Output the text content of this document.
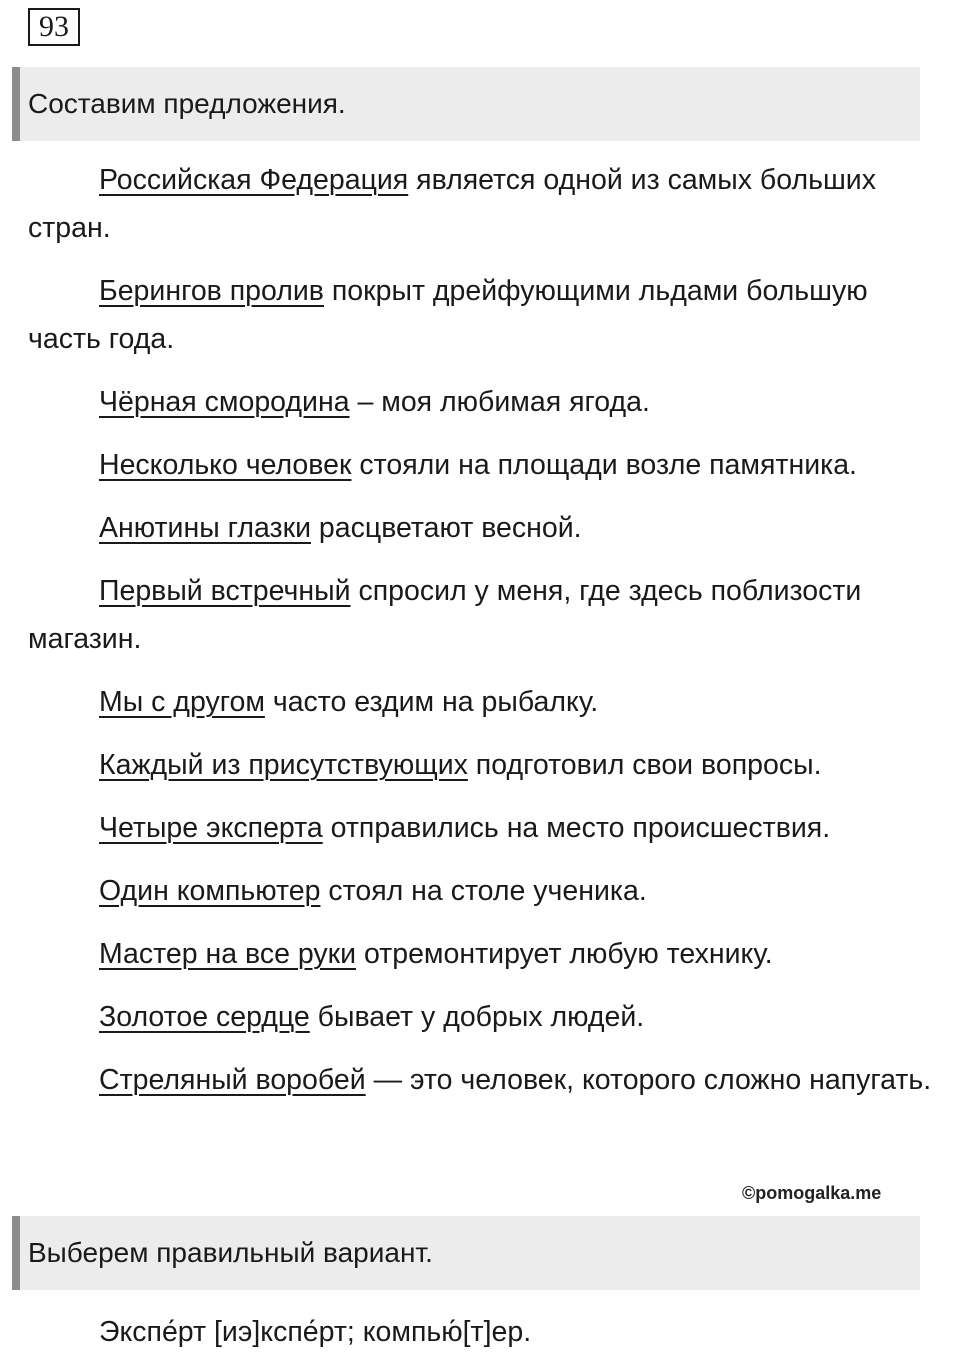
93
Составим предложения.

Российская Федерация является одной из самых больших стран.

Берингов пролив покрыт дрейфующими льдами большую часть года.

Чёрная смородина – моя любимая ягода.

Несколько человек стояли на площади возле памятника.

Анютины глазки расцветают весной.

Первый встречный спросил у меня, где здесь поблизости магазин.

Мы с другом часто ездим на рыбалку.

Каждый из присутствующих подготовил свои вопросы.

Четыре эксперта отправились на место происшествия.

Один компьютер стоял на столе ученика.

Мастер на все руки отремонтирует любую технику.

Золотое сердце бывает у добрых людей.

Стреляный воробей — это человек, которого сложно напугать.

©pomogalka.me
Выберем правильный вариант.
Экспе́рт [иэ]кспе́рт; компью́[т]ер.
